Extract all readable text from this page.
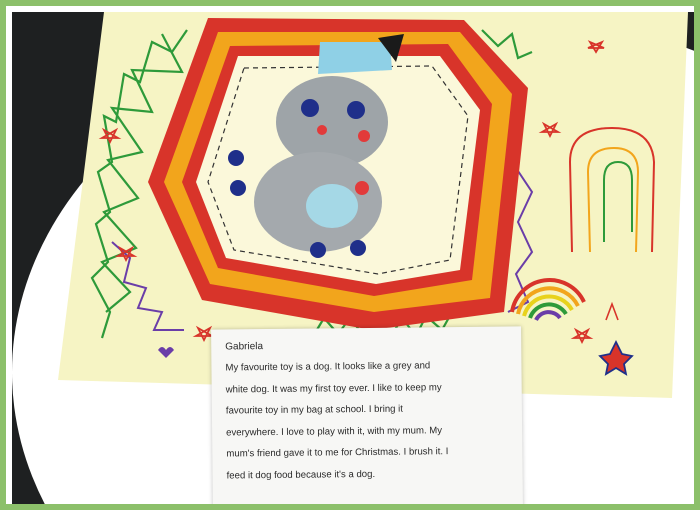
Gabriela
My favourite toy is a dog. It looks like a grey and
white dog. It was my first toy ever. I like to keep my
favourite toy in my bag at school. I bring it
everywhere. I love to play with it, with my mum. My
mum's friend gave it to me for Christmas. I brush it. I
feed it dog food because it's a dog.
